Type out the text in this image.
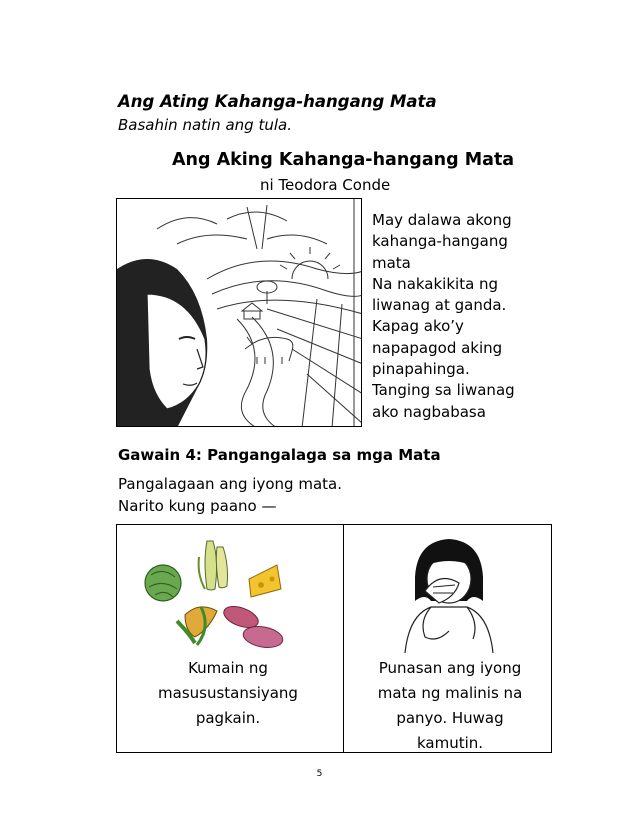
Ang Ating Kahanga-hangang Mata
Basahin natin ang tula.
Ang Aking Kahanga-hangang Mata
ni Teodora Conde
May dalawa akong
kahanga-hangang
mata
Na nakakikita ng
liwanag at ganda.
Kapag ako’y
napapagod aking
pinapahinga.
Tanging sa liwanag
ako nagbabasa
Gawain 4: Pangangalaga sa mga Mata
Pangalagaan ang iyong mata.
Narito kung paano —
Kumain ng
masusustansiyang
pagkain.
Punasan ang iyong
mata ng malinis na
panyo. Huwag
kamutin.
5
